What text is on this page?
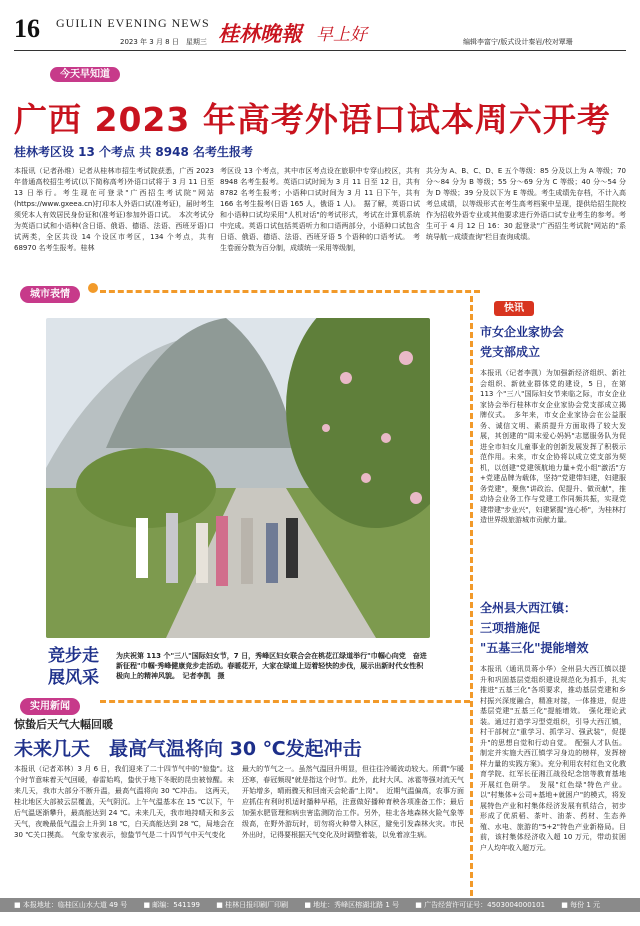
16 GUILIN EVENING NEWS
2023 年 3 月 8 日　星期三 桂林晚報 早上好	编辑李富宁/版式设计秦岩/校对覃珊
今天早知道
广西 2023 年高考外语口试本周六开考
桂林考区设 13 个考点 共 8948 名考生报考
本报讯（记者孙维）记者从桂林市招生考试院获悉，广西 2023 年普通高校招生考试(以下简称高考)外语口试将于 3 月 11 日至 13 日举行。考生现在可登录"广西招生考试院"网站(https://www.gxeea.cn)打印本人外语口试(准考证)，届时考生须凭本人有效居民身份证和(准考证)参加外语口试。　本次考试分为英语口试和小语种(含日语、俄语、德语、法语、西班牙语)口试两类，全区共设 14 个设区市考区，134 个考点，共有 68970 名考生报考。桂林
考区设 13 个考点，其中市区考点设在旅职中专穿山校区，共有 8948 名考生报考。英语口试时间为 3 月 11 日至 12 日，共有 8782 名考生报考；小语种口试时间为 3 月 11 日下午，共有 166 名考生报考(日语 165 人，俄语 1 人)。　据了解，英语口试和小语种口试均采用"人机对话"的考试形式，考试在计算机系统中完成。英语口试包括英语听力和口语两部分，小语种口试包含日语、俄语、德语、法语、西班牙语 5 个语种的口语考试。　考生卷面分数为百分制，成绩统一采用等级制，
共分为 A、B、C、D、E 五个等级：85 分及以上为 A 等级；70 分～84 分为 B 等级；55 分～69 分为 C 等级；40 分～54 分为 D 等级；39 分及以下为 E 等级。考生成绩先存档，不计入高考总成绩，以等级形式在考生高考档案中呈现，提供给招生院校作为招收外语专业或其他要求进行外语口试专业考生的参考。考生可于 4 月 12 日 16：30 起登录"广西招生考试院"网站的"系统导航一成绩查询"栏目查询成绩。
城市表情
竞步走
展风采
为庆祝第 113 个"三八"国际妇女节，7 日，秀峰区妇女联合会在桃花江绿道举行"巾帼心向党　奋进新征程"巾帼·秀峰健康竞步走活动。春暖花开，大家在绿道上迈着轻快的步伐，展示出新时代女性积极向上的精神风貌。　记者李凯　摄
实用新闻
惊蛰后天气大幅回暖
未来几天　最高气温将向 30 ℃发起冲击
本报讯（记者邓林）3 月 6 日，我们迎来了二十四节气中的"惊蛰"。这个时节意味着天气回暖，春雷始鸣，蛰伏于地下冬眠的昆虫被惊醒。未来几天，我市大部分不断升温，最高气温将向 30 ℃冲击。　这两天，桂北地区大部被云层覆盖，天气阴沉。上午气温基本在 15 ℃以下，午后气温逐渐攀升，最高能达到 24 ℃。未来几天，我市地持晴天和多云天气，夜晚最低气温会上升到 18 ℃，白天高能达到 28 ℃，局地会在 30 ℃关口摸高。　气象专家表示，惊蛰节气是二十四节气中天气变化
最大的节气之一。虽然气温回升明显，但往往冷暖波动较大。所谓"乍暖还寒，春冠频现"就是指这个时节。此外，此时大风、冰雹等强对流天气开始增多，晴雨骤天和回南天会轮番"上岗"。　近期气温偏高，农事方面应抓住有利时机适时播种早稻，注意做好播种育秧各项准备工作；最后加强水肥管理和病虫害监测防治工作。另外，桂北各地森林火险气象等级高，在野外游玩时，切勿将火种带入林区，避免引发森林火灾。市民外出时，记得要根据天气变化及时调整着装，以免着凉生病。
快讯
市女企业家协会
党支部成立
本报讯（记者李凯）为加强新经济组织、新社会组织、新就业群体党的建设，5 日，在第 113 个"三八"国际妇女节来临之际，市女企业家协会举行桂林市女企业家协会党支部成立揭牌仪式。　多年来，市女企业家协会在公益服务、诚信文明、素质提升方面取得了较大发展，其创建的"周末爱心妈妈"志愿服务队为促进全市妇女儿童事业的创新发展发挥了积极示范作用。未来，市女企协将以成立党支部为契机，以创建"党建领航地力量+党小组"激活"方+党建品牌为载体，坚持"党建带妇建，妇建服务党建"，聚焦"讲政治、促提升、做贡献"，推动协会业务工作与党建工作同频共振，实现党建带建"步业兴"，妇建紧握"连心桥"，为桂林打造世界级旅游城市贡献力量。
全州县大西江镇：
三项措施促
"五基三化"提能增效
本报讯（通讯员蒋小华）全州县大西江镇以提升和巩固基层党组织建设规范化为抓手，扎实推进"五基三化"各项要求，推动基层党建和乡村振兴深度融合，精准对接，一体推进，促进基层党建"五基三化"提能增效。　强化理论武装。通过打造学习型党组织，引导大西江镇，村干部树立"重学习、抓学习、强武装"，促提升"的思想自觉和行动自觉。　配强人才队伍。制定并实施大西江镇学习身边的榜样，发挥榜样力量的实践方案》。充分利用农村红色文化教育学院、红军长征湘江战役纪念馆等教育基地开展红色研学。　发展"红色绿"特色产业。以"村集体+公司+基地+就困户"的模式，将发展特色产业和村集体经济发展有机结合，初步形成了优质稻、茶叶、油茶、药材、生态养殖、水电、旅游的"5+2"特色产业新格局。目前，该村集体经济收入超 10 万元，带动贫困户人均年收入超万元。
■ 本报地址：临桂区山水大道 49 号 ■ 邮编：541199 ■ 桂林日报印刷厂印刷 ■ 地址：秀峰区榕湖北路 1 号 ■ 广告经营许可证号：4503004000101 ■ 每份 1 元
